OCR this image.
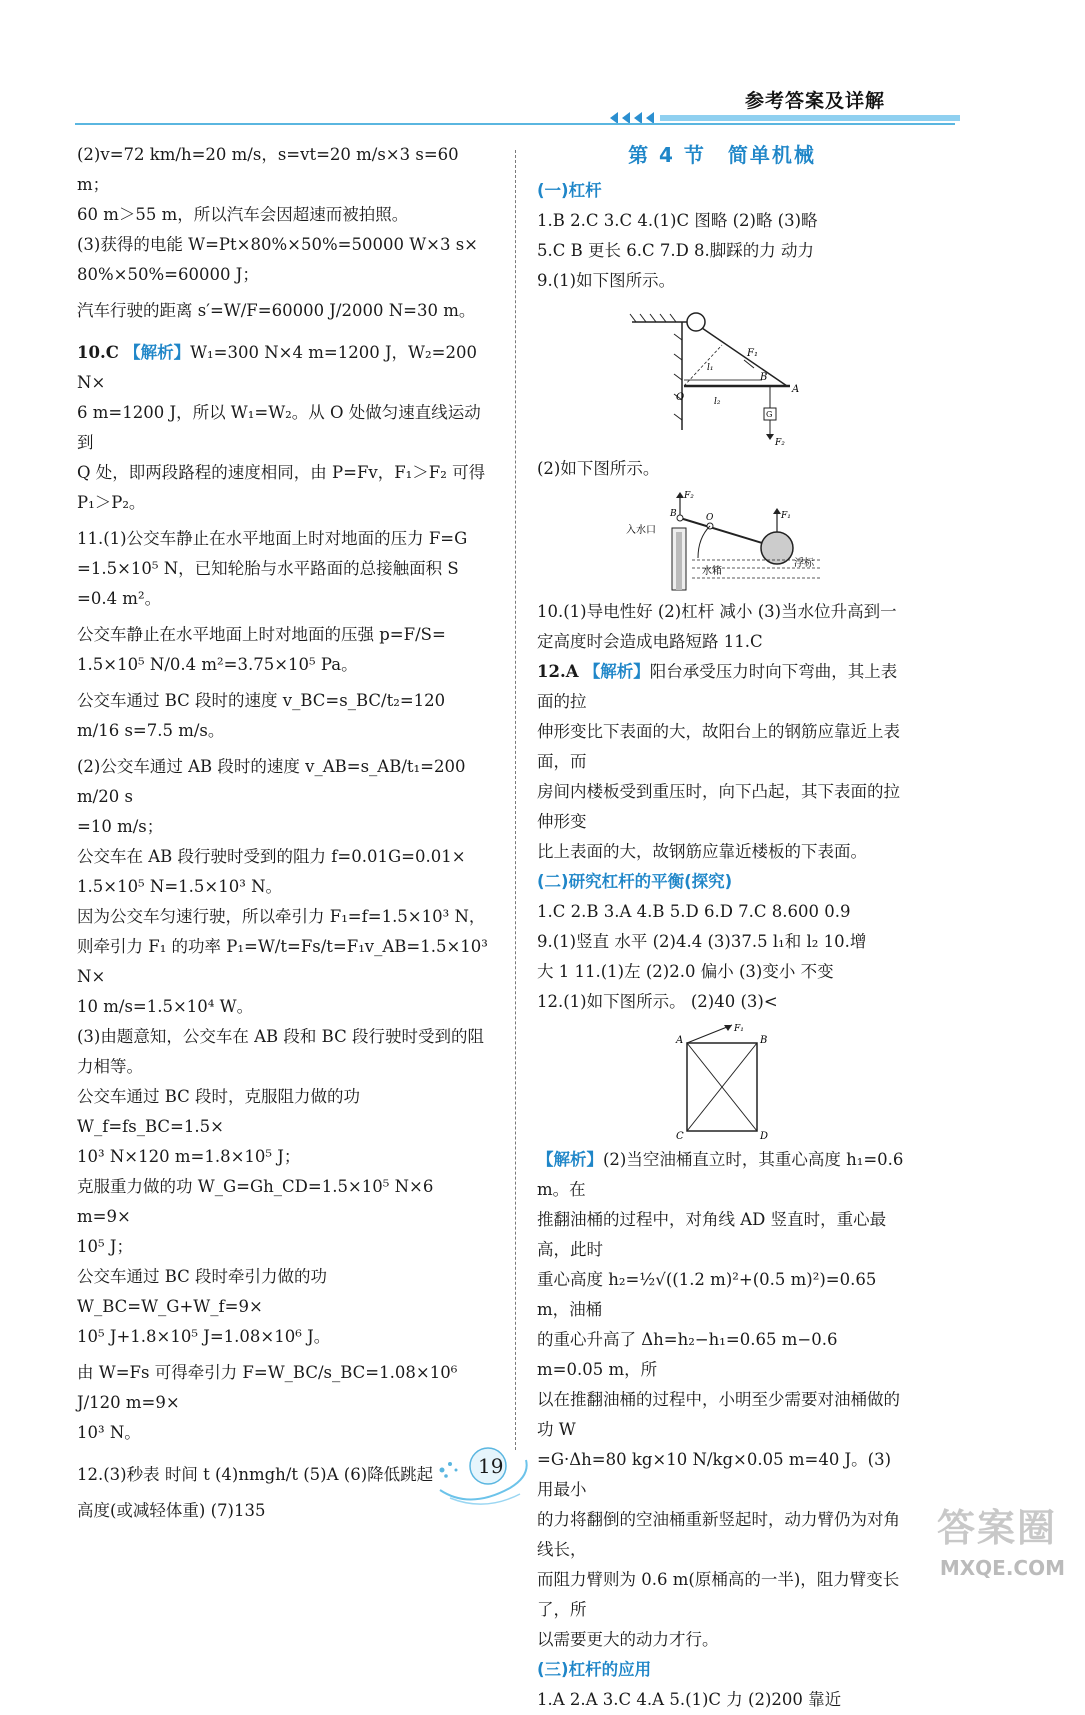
参考答案及详解

(2)v=72 km/h=20 m/s，s=vt=20 m/s×3 s=60 m；

60 m＞55 m，所以汽车会因超速而被拍照。

(3)获得的电能 W=Pt×80%×50%=50000 W×3 s×

80%×50%=60000 J；

汽车行驶的距离 s′=W/F=60000 J/2000 N=30 m。

10.C 【解析】W₁=300 N×4 m=1200 J，W₂=200 N×

6 m=1200 J，所以 W₁=W₂。从 O 处做匀速直线运动到

Q 处，即两段路程的速度相同，由 P=Fv，F₁＞F₂ 可得

P₁＞P₂。

11.(1)公交车静止在水平地面上时对地面的压力 F=G

=1.5×10⁵ N，已知轮胎与水平路面的总接触面积 S

=0.4 m²。

公交车静止在水平地面上时对地面的压强 p=F/S=

1.5×10⁵ N/0.4 m²=3.75×10⁵ Pa。

公交车通过 BC 段时的速度 v_BC=s_BC/t₂=120 m/16 s=7.5 m/s。

(2)公交车通过 AB 段时的速度 v_AB=s_AB/t₁=200 m/20 s

=10 m/s；

公交车在 AB 段行驶时受到的阻力 f=0.01G=0.01×

1.5×10⁵ N=1.5×10³ N。

因为公交车匀速行驶，所以牵引力 F₁=f=1.5×10³ N，

则牵引力 F₁ 的功率 P₁=W/t=Fs/t=F₁v_AB=1.5×10³ N×

10 m/s=1.5×10⁴ W。

(3)由题意知，公交车在 AB 段和 BC 段行驶时受到的阻

力相等。

公交车通过 BC 段时，克服阻力做的功 W_f=fs_BC=1.5×

10³ N×120 m=1.8×10⁵ J；

克服重力做的功 W_G=Gh_CD=1.5×10⁵ N×6 m=9×

10⁵ J；

公交车通过 BC 段时牵引力做的功 W_BC=W_G+W_f=9×

10⁵ J+1.8×10⁵ J=1.08×10⁶ J。

由 W=Fs 可得牵引力 F=W_BC/s_BC=1.08×10⁶ J/120 m=9×

10³ N。

12.(3)秒表 时间 t (4)nmgh/t (5)A (6)降低跳起

高度(或减轻体重) (7)135

第 4 节　简单机械

(一)杠杆

1.B 2.C 3.C 4.(1)C 图略 (2)略 (3)略

5.C B 更长 6.C 7.D 8.脚踩的力 动力

9.(1)如下图所示。

F₁
l₁
l₂
O
B
A
G
F₂

(2)如下图所示。

F₂
B	O	F₁
入水口
水箱
浮标

10.(1)导电性好 (2)杠杆 减小 (3)当水位升高到一

定高度时会造成电路短路 11.C

12.A 【解析】阳台承受压力时向下弯曲，其上表面的拉

伸形变比下表面的大，故阳台上的钢筋应靠近上表面，而

房间内楼板受到重压时，向下凸起，其下表面的拉伸形变

比上表面的大，故钢筋应靠近楼板的下表面。

(二)研究杠杆的平衡(探究)

1.C 2.B 3.A 4.B 5.D 6.D 7.C 8.600 0.9

9.(1)竖直 水平 (2)4.4 (3)37.5 l₁和 l₂ 10.增

大 1 11.(1)左 (2)2.0 偏小 (3)变小 不变

12.(1)如下图所示。 (2)40 (3)<

A	B
C	D
F₁

【解析】(2)当空油桶直立时，其重心高度 h₁=0.6 m。在

推翻油桶的过程中，对角线 AD 竖直时，重心最高，此时

重心高度 h₂=½√((1.2 m)²+(0.5 m)²)=0.65 m，油桶

的重心升高了 Δh=h₂−h₁=0.65 m−0.6 m=0.05 m，所

以在推翻油桶的过程中，小明至少需要对油桶做的功 W

=G·Δh=80 kg×10 N/kg×0.05 m=40 J。(3)用最小

的力将翻倒的空油桶重新竖起时，动力臂仍为对角线长，

而阻力臂则为 0.6 m(原桶高的一半)，阻力臂变长了，所

以需要更大的动力才行。

(三)杠杆的应用

1.A 2.A 3.C 4.A 5.(1)C 力 (2)200 靠近

19
答案圈
MXQE.COM
